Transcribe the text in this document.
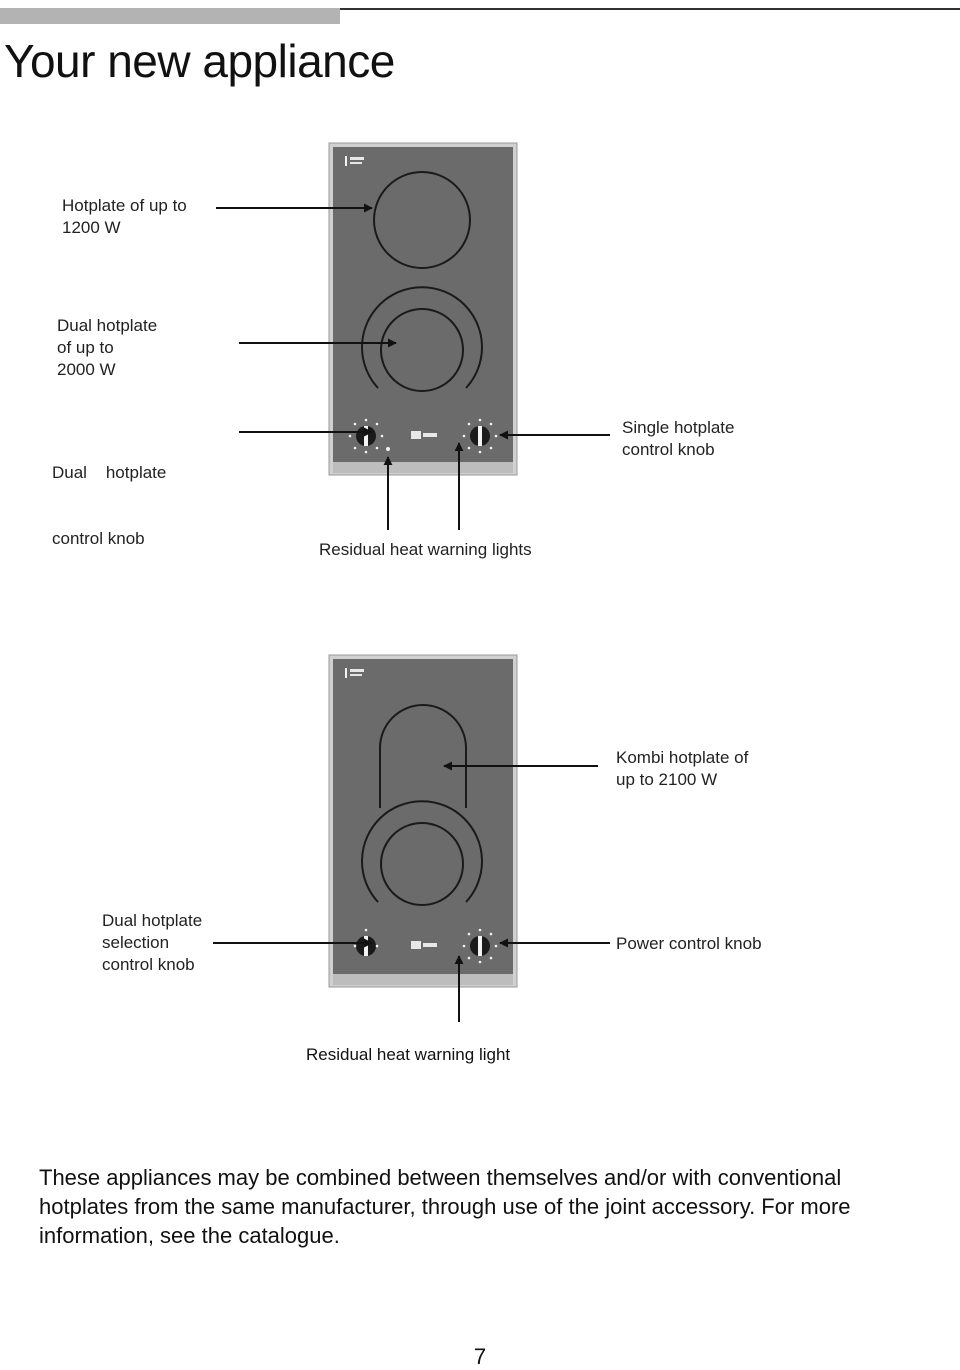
Your new appliance
Hotplate of up to
1200 W
Dual hotplate
of up to
2000 W

Dual    hotplate

control knob

Single hotplate
control knob
Residual heat warning lights
Kombi hotplate of
up to 2100 W
Dual hotplate
selection
control knob
Power control knob
Residual heat warning light

These appliances may be combined between themselves and/or with conventional hotplates from the same manufacturer, through use of the joint accessory. For more information, see the catalogue.

7
